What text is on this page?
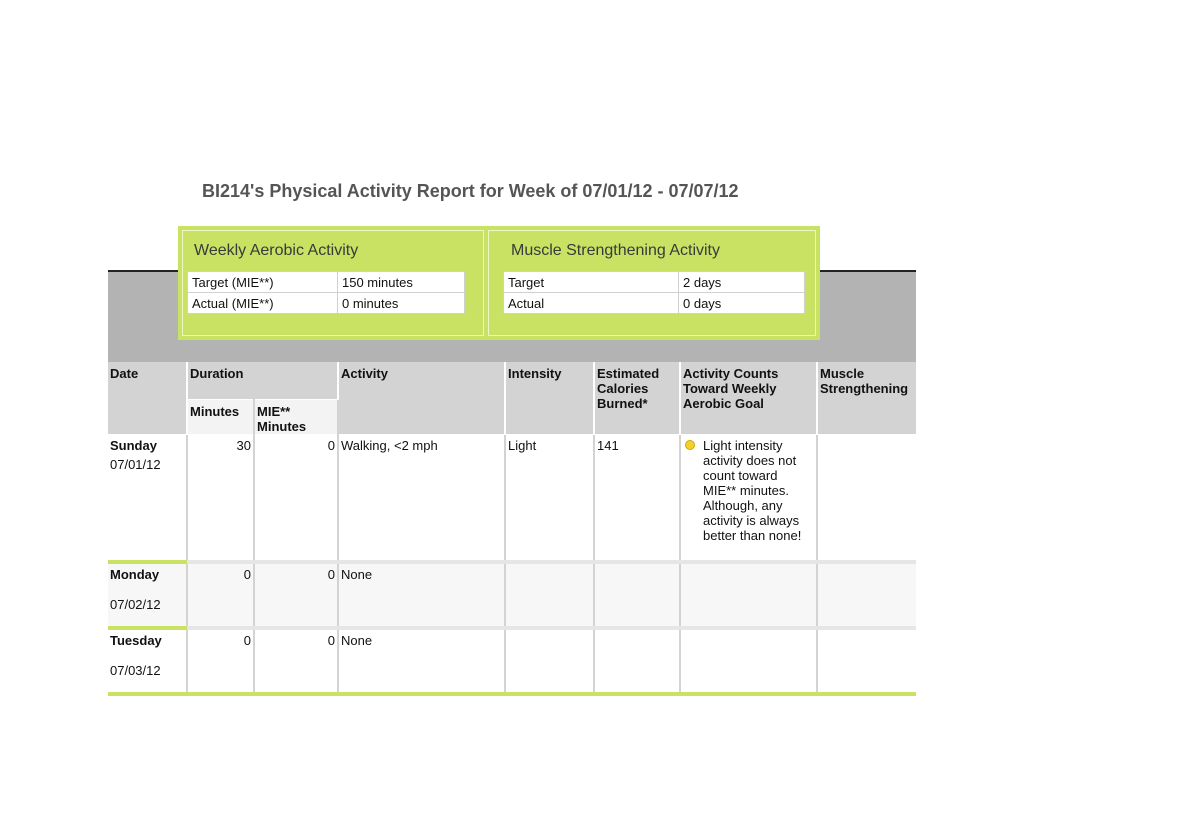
BI214's Physical Activity Report for Week of 07/01/12 - 07/07/12
Weekly Aerobic Activity
Target (MIE**)	150 minutes
Actual (MIE**)	0 minutes
Muscle Strengthening Activity
Target	2 days
Actual	0 days
Date	Duration		Activity	Intensity	Estimated Calories Burned*	Activity Counts Toward Weekly Aerobic Goal	Muscle Strengthening
	Minutes	MIE** Minutes					

Sunday
07/01/12	30	0	Walking, <2 mph	Light	141	Light intensity activity does not count toward MIE** minutes. Although, any activity is always better than none!	

Monday
07/02/12	0	0	None				

Tuesday
07/03/12	0	0	None				
